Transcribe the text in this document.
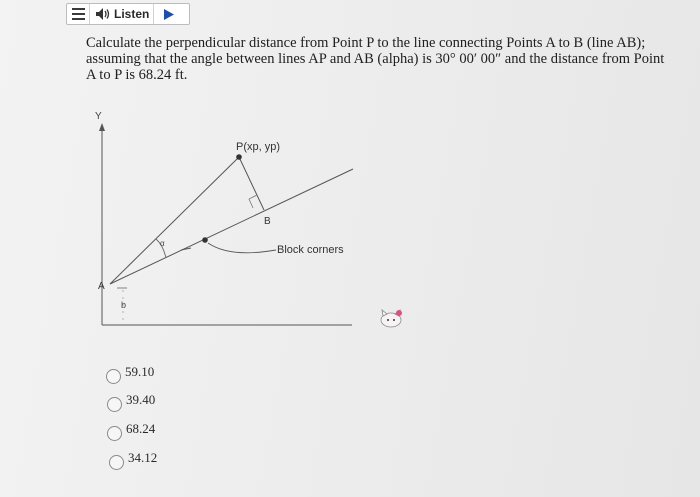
Listen
Calculate the perpendicular distance from Point P to the line connecting Points A to B (line AB); assuming that the angle between lines AP and AB (alpha) is 30° 00′ 00″ and the distance from Point A to P is 68.24 ft.
Y
P(xp, yp)
B
Block corners
α
A
b
59.10
39.40
68.24
34.12
